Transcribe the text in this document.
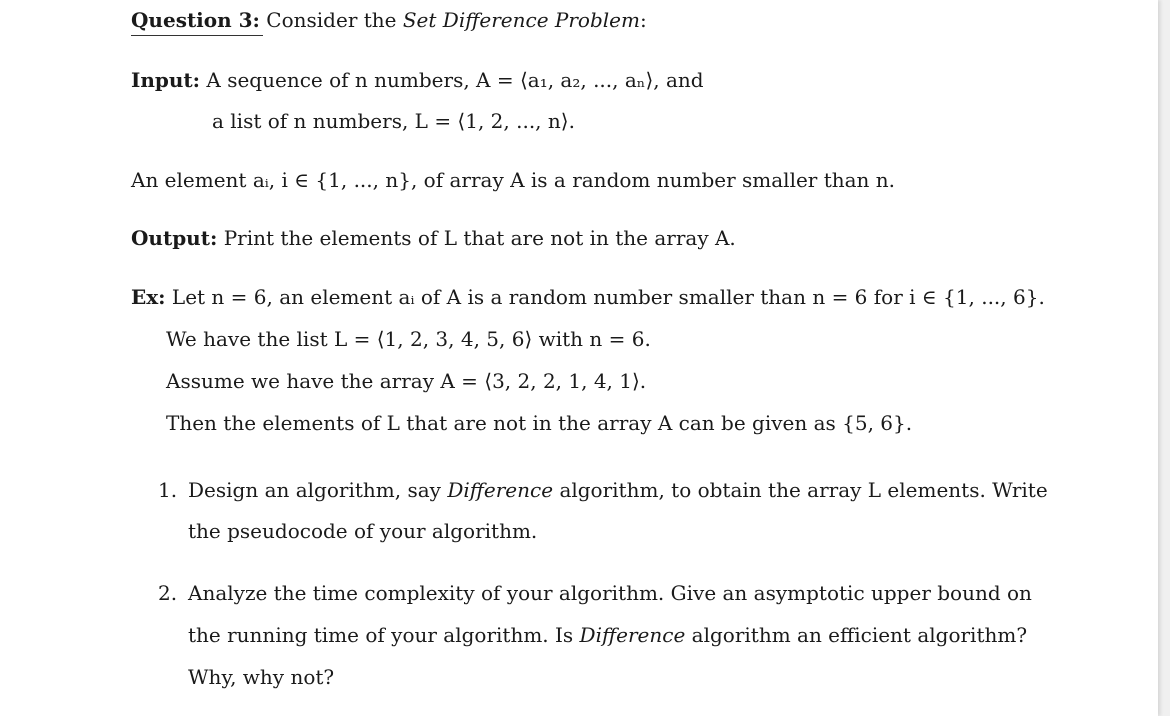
Question 3: Consider the Set Difference Problem:
Input: A sequence of n numbers, A = ⟨a₁, a₂, ..., aₙ⟩, and
a list of n numbers, L = ⟨1, 2, ..., n⟩.
An element aᵢ, i ∈ {1, ..., n}, of array A is a random number smaller than n.
Output: Print the elements of L that are not in the array A.
Ex: Let n = 6, an element aᵢ of A is a random number smaller than n = 6 for i ∈ {1, ..., 6}.
We have the list L = ⟨1, 2, 3, 4, 5, 6⟩ with n = 6.
Assume we have the array A = ⟨3, 2, 2, 1, 4, 1⟩.
Then the elements of L that are not in the array A can be given as {5, 6}.
1. Design an algorithm, say Difference algorithm, to obtain the array L elements. Write
the pseudocode of your algorithm.
2. Analyze the time complexity of your algorithm. Give an asymptotic upper bound on
the running time of your algorithm. Is Difference algorithm an efficient algorithm?
Why, why not?
